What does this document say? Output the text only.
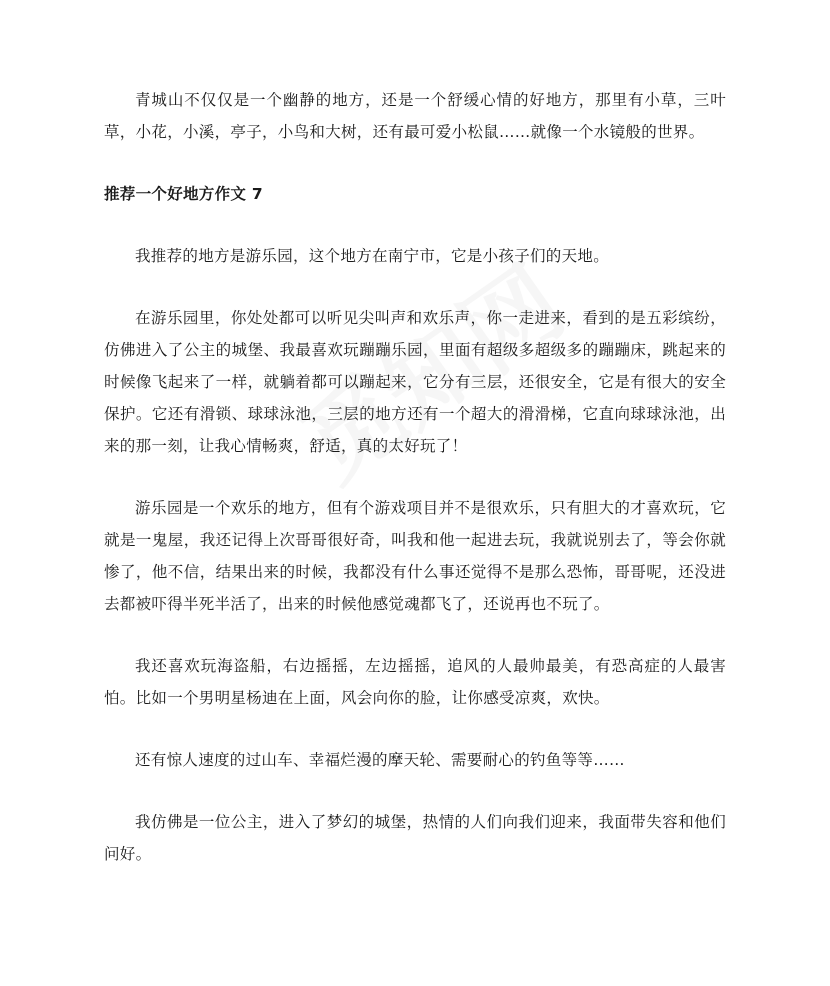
青城山不仅仅是一个幽静的地方，还是一个舒缓心情的好地方，那里有小草，三叶草，小花，小溪，亭子，小鸟和大树，还有最可爱小松鼠……就像一个水镜般的世界。

推荐一个好地方作文 7

我推荐的地方是游乐园，这个地方在南宁市，它是小孩子们的天地。

在游乐园里，你处处都可以听见尖叫声和欢乐声，你一走进来，看到的是五彩缤纷，仿佛进入了公主的城堡、我最喜欢玩蹦蹦乐园，里面有超级多超级多的蹦蹦床，跳起来的时候像飞起来了一样，就躺着都可以蹦起来，它分有三层，还很安全，它是有很大的安全保护。它还有滑锁、球球泳池，三层的地方还有一个超大的滑滑梯，它直向球球泳池，出来的那一刻，让我心情畅爽，舒适，真的太好玩了！

游乐园是一个欢乐的地方，但有个游戏项目并不是很欢乐，只有胆大的才喜欢玩，它就是一鬼屋，我还记得上次哥哥很好奇，叫我和他一起进去玩，我就说别去了，等会你就惨了，他不信，结果出来的时候，我都没有什么事还觉得不是那么恐怖，哥哥呢，还没进去都被吓得半死半活了，出来的时候他感觉魂都飞了，还说再也不玩了。

我还喜欢玩海盗船，右边摇摇，左边摇摇，追风的人最帅最美，有恐高症的人最害怕。比如一个男明星杨迪在上面，风会向你的脸，让你感受凉爽，欢快。

还有惊人速度的过山车、幸福烂漫的摩天轮、需要耐心的钓鱼等等……

我仿佛是一位公主，进入了梦幻的城堡，热情的人们向我们迎来，我面带失容和他们问好。
